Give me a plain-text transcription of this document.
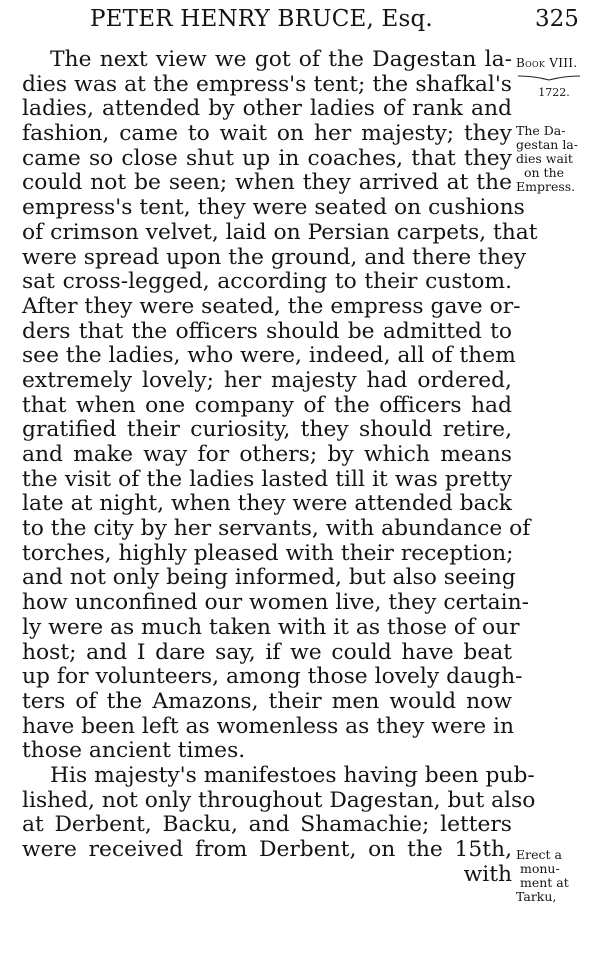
PETER HENRY BRUCE, Esq.	325
The next view we got of the Dagestan la-
dies was at the empress's tent; the shafkal's
ladies, attended by other ladies of rank and
fashion, came to wait on her majesty; they
came so close shut up in coaches, that they
could not be seen; when they arrived at the
empress's tent, they were seated on cushions
of crimson velvet, laid on Persian carpets, that
were spread upon the ground, and there they
sat cross-legged, according to their custom.
After they were seated, the empress gave or-
ders that the officers should be admitted to
see the ladies, who were, indeed, all of them
extremely lovely; her majesty had ordered,
that when one company of the officers had
gratified their curiosity, they should retire,
and make way for others; by which means
the visit of the ladies lasted till it was pretty
late at night, when they were attended back
to the city by her servants, with abundance of
torches, highly pleased with their reception;
and not only being informed, but also seeing
how unconfined our women live, they certain-
ly were as much taken with it as those of our
host; and I dare say, if we could have beat
up for volunteers, among those lovely daugh-
ters of the Amazons, their men would now
have been left as womenless as they were in
those ancient times.
His majesty's manifestoes having been pub-
lished, not only throughout Dagestan, but also
at Derbent, Backu, and Shamachie; letters
were received from Derbent, on the 15th,
with
Book VIII.
1722.
The Da-
gestan la-
dies wait
on the
Empress.
Erect a
monu-
ment at
Tarku,
